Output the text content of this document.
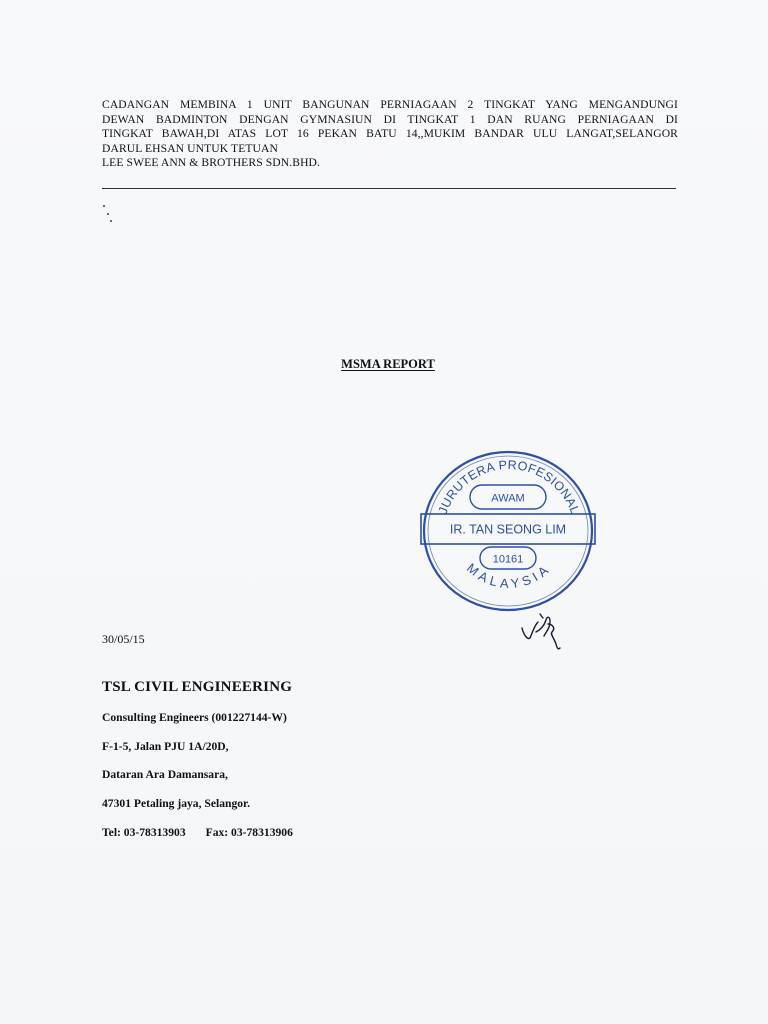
CADANGAN MEMBINA 1 UNIT BANGUNAN PERNIAGAAN 2 TINGKAT YANG MENGANDUNGI
DEWAN BADMINTON DENGAN GYMNASIUN DI TINGKAT 1 DAN RUANG PERNIAGAAN DI
TINGKAT BAWAH,DI ATAS LOT 16 PEKAN BATU 14,,MUKIM BANDAR ULU LANGAT,SELANGOR
DARUL EHSAN UNTUK TETUAN
LEE SWEE ANN & BROTHERS SDN.BHD.
MSMA REPORT
JURUTERA PROFESIONAL
AWAM
IR. TAN SEONG LIM
10161
MALAYSIA
30/05/15
TSL CIVIL ENGINEERING
Consulting Engineers (001227144-W)
F-1-5, Jalan PJU 1A/20D,
Dataran Ara Damansara,
47301 Petaling jaya, Selangor.
Tel: 03-78313903 Fax: 03-78313906
